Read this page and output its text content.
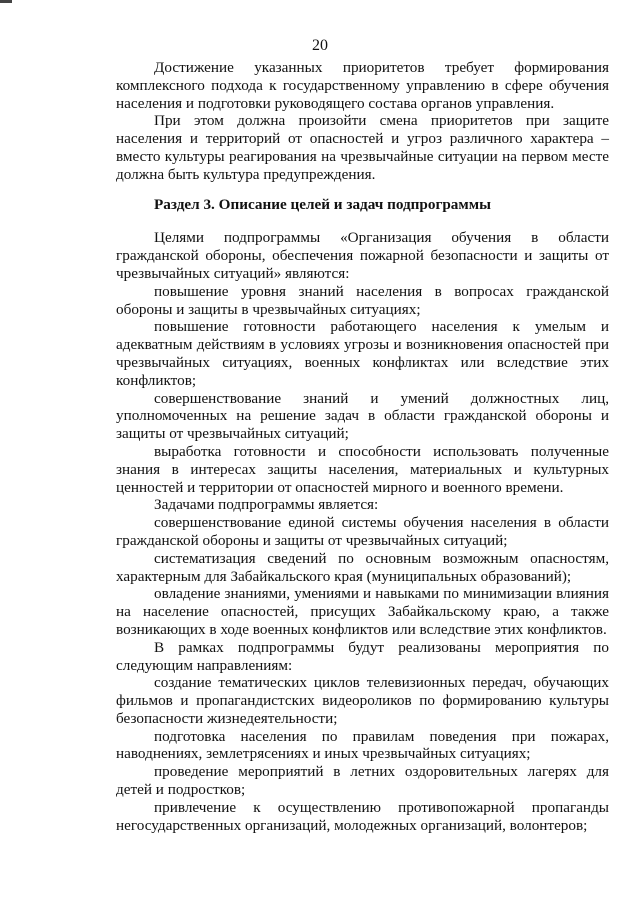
20

Достижение указанных приоритетов требует формирования комплексного подхода к государственному управлению в сфере обучения населения и подготовки руководящего состава органов управления.

При этом должна произойти смена приоритетов при защите населения и территорий от опасностей и угроз различного характера – вместо культуры реагирования на чрезвычайные ситуации на первом месте должна быть культура предупреждения.

Раздел 3. Описание целей и задач подпрограммы

Целями подпрограммы «Организация обучения в области гражданской обороны, обеспечения пожарной безопасности и защиты от чрезвычайных ситуаций» являются:

повышение уровня знаний населения в вопросах гражданской обороны и защиты в чрезвычайных ситуациях;

повышение готовности работающего населения к умелым и адекватным действиям в условиях угрозы и возникновения опасностей при чрезвычайных ситуациях, военных конфликтах или вследствие этих конфликтов;

совершенствование знаний и умений должностных лиц, уполномоченных на решение задач в области гражданской обороны и защиты от чрезвычайных ситуаций;

выработка готовности и способности использовать полученные знания в интересах защиты населения, материальных и культурных ценностей и территории от опасностей мирного и военного времени.

Задачами подпрограммы является:

совершенствование единой системы обучения населения в области гражданской обороны и защиты от чрезвычайных ситуаций;

систематизация сведений по основным возможным опасностям, характерным для Забайкальского края (муниципальных образований);

овладение знаниями, умениями и навыками по минимизации влияния на население опасностей, присущих Забайкальскому краю, а также возникающих в ходе военных конфликтов или вследствие этих конфликтов.

В рамках подпрограммы будут реализованы мероприятия по следующим направлениям:

создание тематических циклов телевизионных передач, обучающих фильмов и пропагандистских видеороликов по формированию культуры безопасности жизнедеятельности;

подготовка населения по правилам поведения при пожарах, наводнениях, землетрясениях и иных чрезвычайных ситуациях;

проведение мероприятий в летних оздоровительных лагерях для детей и подростков;

привлечение к осуществлению противопожарной пропаганды негосударственных организаций, молодежных организаций, волонтеров;
